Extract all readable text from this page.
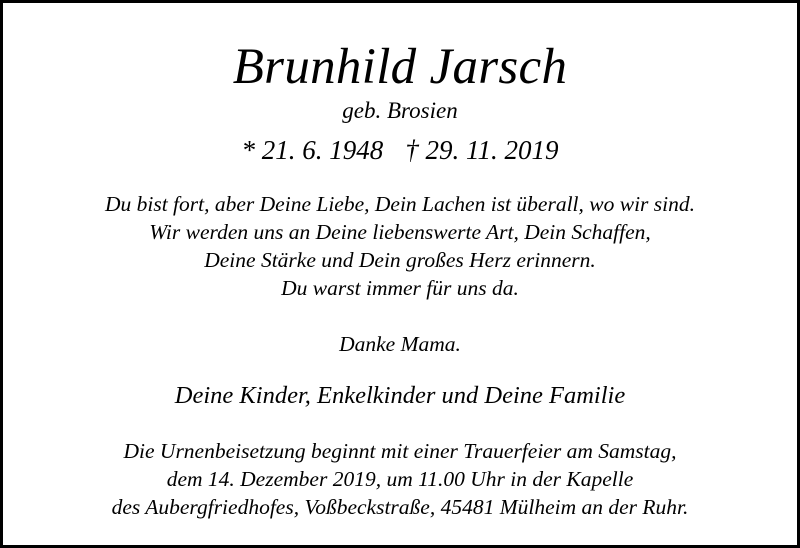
Brunhild Jarsch
geb. Brosien
* 21. 6. 1948 † 29. 11. 2019
Du bist fort, aber Deine Liebe, Dein Lachen ist überall, wo wir sind.
Wir werden uns an Deine liebenswerte Art, Dein Schaffen,
Deine Stärke und Dein großes Herz erinnern.
Du warst immer für uns da.
Danke Mama.
Deine Kinder, Enkelkinder und Deine Familie
Die Urnenbeisetzung beginnt mit einer Trauerfeier am Samstag,
dem 14. Dezember 2019, um 11.00 Uhr in der Kapelle
des Aubergfriedhofes, Voßbeckstraße, 45481 Mülheim an der Ruhr.
